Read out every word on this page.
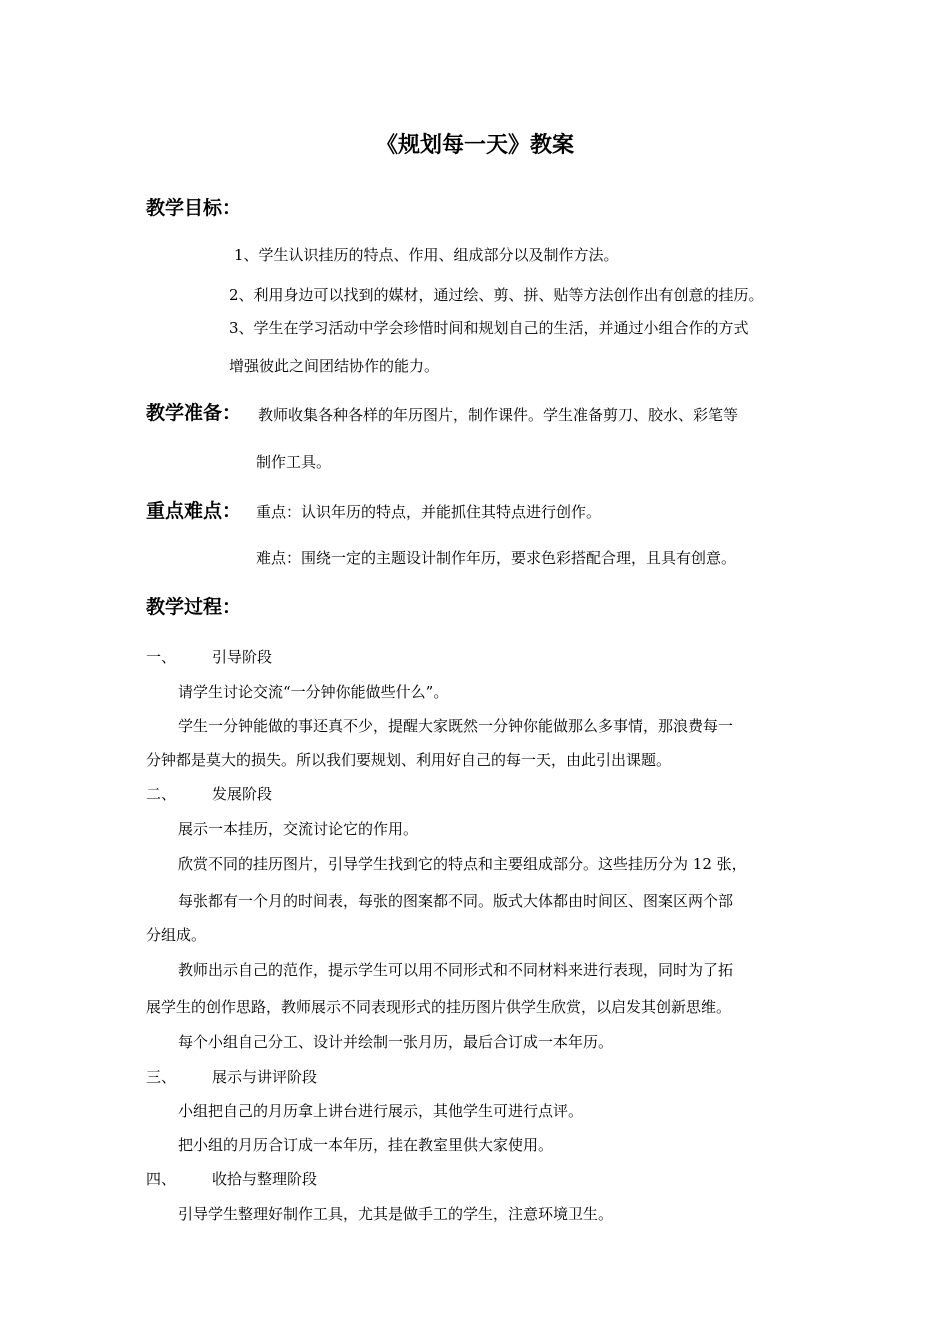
《规划每一天》教案
教学目标：
1、学生认识挂历的特点、作用、组成部分以及制作方法。
2、利用身边可以找到的媒材，通过绘、剪、拼、贴等方法创作出有创意的挂历。
3、学生在学习活动中学会珍惜时间和规划自己的生活，并通过小组合作的方式
增强彼此之间团结协作的能力。
教学准备： 教师收集各种各样的年历图片，制作课件。学生准备剪刀、胶水、彩笔等
制作工具。
重点难点： 重点：认识年历的特点，并能抓住其特点进行创作。
难点：围绕一定的主题设计制作年历，要求色彩搭配合理，且具有创意。
教学过程：
一、 引导阶段
请学生讨论交流“一分钟你能做些什么”。
学生一分钟能做的事还真不少，提醒大家既然一分钟你能做那么多事情，那浪费每一
分钟都是莫大的损失。所以我们要规划、利用好自己的每一天，由此引出课题。
二、 发展阶段
展示一本挂历，交流讨论它的作用。
欣赏不同的挂历图片，引导学生找到它的特点和主要组成部分。这些挂历分为 12 张，
每张都有一个月的时间表，每张的图案都不同。版式大体都由时间区、图案区两个部
分组成。
教师出示自己的范作，提示学生可以用不同形式和不同材料来进行表现，同时为了拓
展学生的创作思路，教师展示不同表现形式的挂历图片供学生欣赏，以启发其创新思维。
每个小组自己分工、设计并绘制一张月历，最后合订成一本年历。
三、 展示与讲评阶段
小组把自己的月历拿上讲台进行展示，其他学生可进行点评。
把小组的月历合订成一本年历，挂在教室里供大家使用。
四、 收拾与整理阶段
引导学生整理好制作工具，尤其是做手工的学生，注意环境卫生。
